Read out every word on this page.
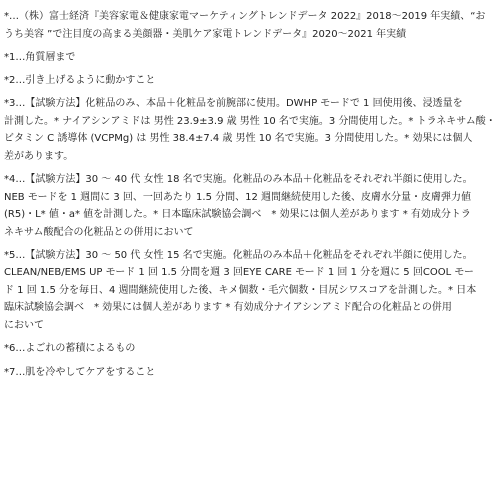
*…（株）富士経済『美容家電＆健康家電マーケティングトレンドデータ 2022』2018〜2019 年実績、“お
うち美容 ”で注目度の高まる美顔器・美肌ケア家電トレンドデータ』2020〜2021 年実績
*1…角質層まで
*2…引き上げるように動かすこと
*3…【試験方法】化粧品のみ、本品＋化粧品を前腕部に使用。DWHP モードで 1 回使用後、浸透量を
計測した。* ナイアシンアミドは 男性 23.9±3.9 歳 男性 10 名で実施。3 分間使用した。* トラネキサム酸・
ビタミン C 誘導体 (VCPMg) は 男性 38.4±7.4 歳 男性 10 名で実施。3 分間使用した。* 効果には個人
差があります。
*4…【試験方法】30 〜 40 代 女性 18 名で実施。化粧品のみ本品＋化粧品をそれぞれ半顔に使用した。
NEB モードを 1 週間に 3 回、一回あたり 1.5 分間、12 週間継続使用した後、皮膚水分量・皮膚弾力値
(R5)・L* 値・a* 値を計測した。* 日本臨床試験協会調べ　* 効果には個人差があります * 有効成分トラ
ネキサム酸配合の化粧品との併用において
*5…【試験方法】30 〜 50 代 女性 15 名で実施。化粧品のみ本品＋化粧品をそれぞれ半顔に使用した。
CLEAN/NEB/EMS UP モード 1 回 1.5 分間を週 3 回EYE CARE モード 1 回 1 分を週に 5 回COOL モー
ド 1 回 1.5 分を毎日、4 週間継続使用した後、キメ個数・毛穴個数・目尻シワスコアを計測した。* 日本
臨床試験協会調べ　* 効果には個人差があります * 有効成分ナイアシンアミド配合の化粧品との併用
において
*6…よごれの蓄積によるもの
*7…肌を冷やしてケアをすること
